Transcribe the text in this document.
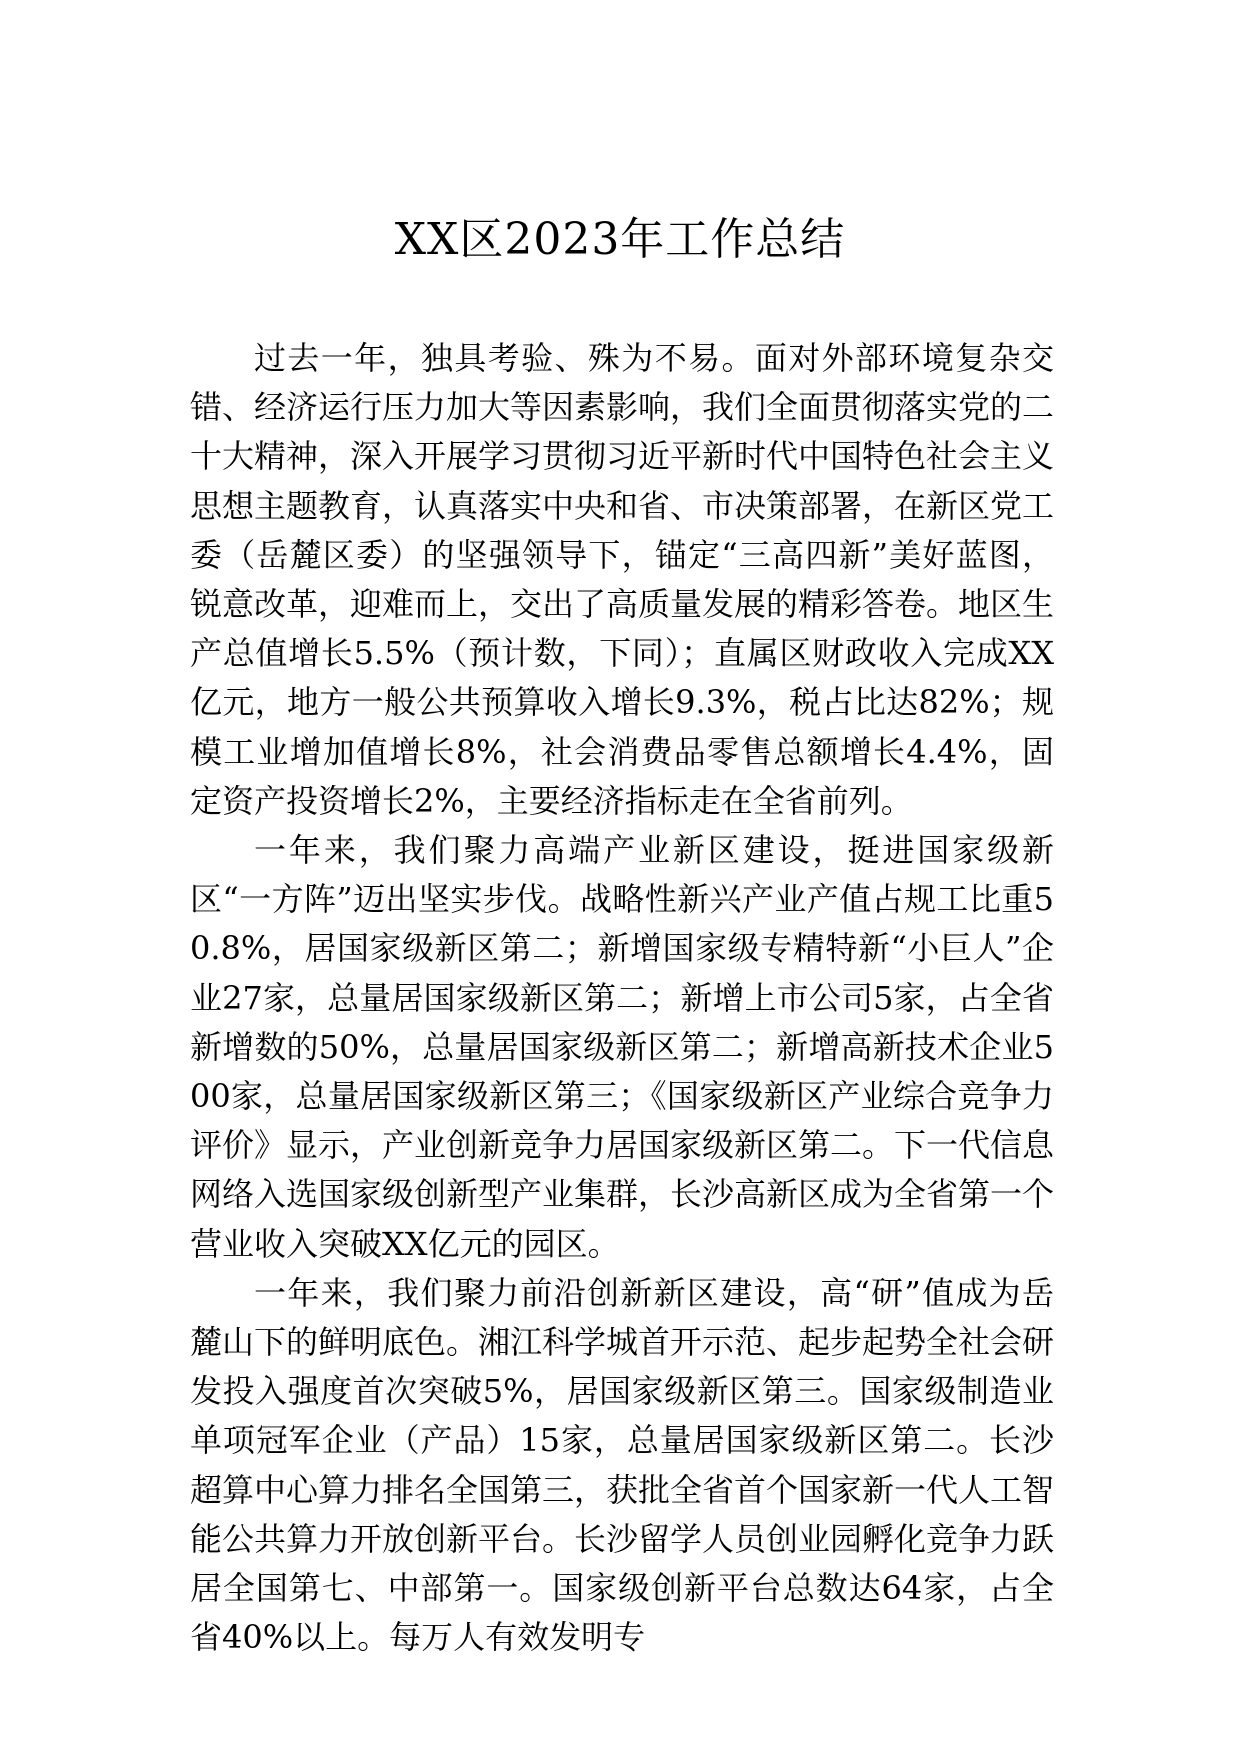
XX区2023年工作总结

过去一年，独具考验、殊为不易。面对外部环境复杂交错、经济运行压力加大等因素影响，我们全面贯彻落实党的二十大精神，深入开展学习贯彻习近平新时代中国特色社会主义思想主题教育，认真落实中央和省、市决策部署，在新区党工委（岳麓区委）的坚强领导下，锚定“三高四新”美好蓝图，锐意改革，迎难而上，交出了高质量发展的精彩答卷。地区生产总值增长5.5%（预计数，下同）；直属区财政收入完成XX亿元，地方一般公共预算收入增长9.3%，税占比达82%；规模工业增加值增长8%，社会消费品零售总额增长4.4%，固定资产投资增长2%，主要经济指标走在全省前列。

一年来，我们聚力高端产业新区建设，挺进国家级新区“一方阵”迈出坚实步伐。战略性新兴产业产值占规工比重50.8%，居国家级新区第二；新增国家级专精特新“小巨人”企业27家，总量居国家级新区第二；新增上市公司5家，占全省新增数的50%，总量居国家级新区第二；新增高新技术企业500家，总量居国家级新区第三；《国家级新区产业综合竞争力评价》显示，产业创新竞争力居国家级新区第二。下一代信息网络入选国家级创新型产业集群，长沙高新区成为全省第一个营业收入突破XX亿元的园区。

一年来，我们聚力前沿创新新区建设，高“研”值成为岳麓山下的鲜明底色。湘江科学城首开示范、起步起势全社会研发投入强度首次突破5%，居国家级新区第三。国家级制造业单项冠军企业（产品）15家，总量居国家级新区第二。长沙超算中心算力排名全国第三，获批全省首个国家新一代人工智能公共算力开放创新平台。长沙留学人员创业园孵化竞争力跃居全国第七、中部第一。国家级创新平台总数达64家，占全省40%以上。每万人有效发明专
